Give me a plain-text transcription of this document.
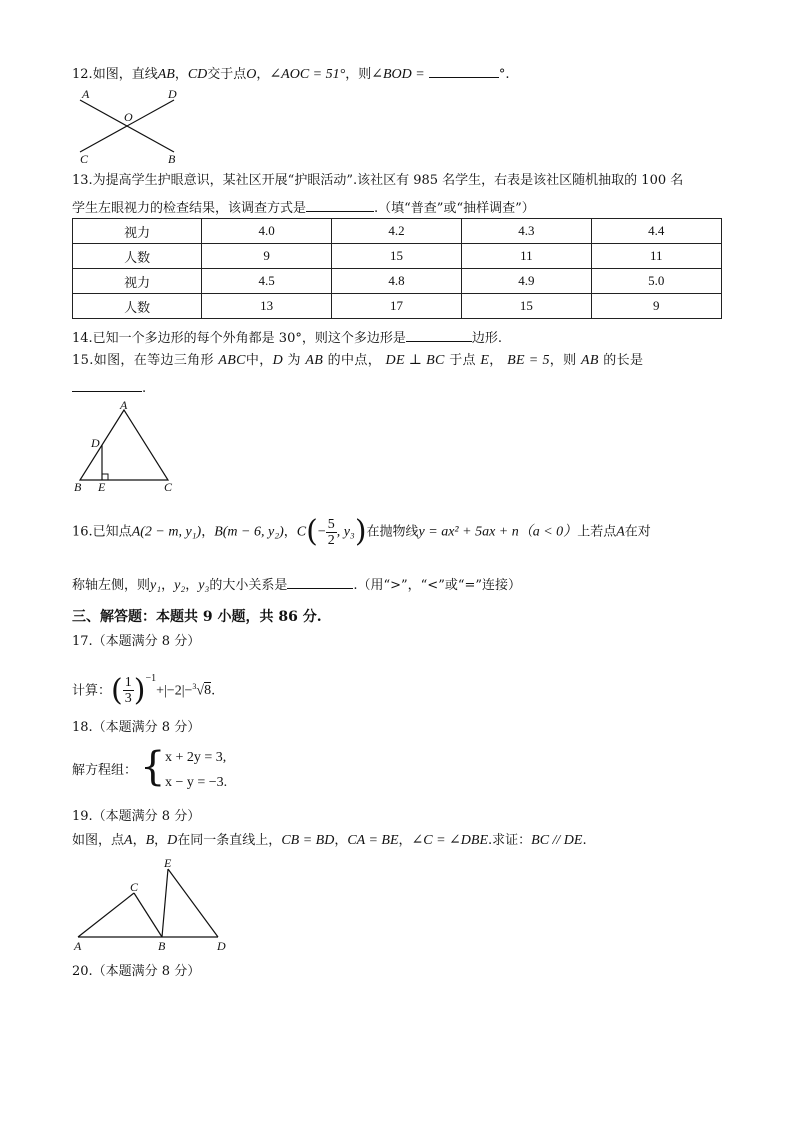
12.如图，直线AB，CD交于点O，∠AOC = 51°，则∠BOD =	°.
A	D
O
C	B
13.为提高学生护眼意识，某社区开展“护眼活动”.该社区有 985 名学生，右表是该社区随机抽取的 100 名
学生左眼视力的检查结果，该调查方式是	.（填“普查”或“抽样调查”）
视力	4.0	4.2	4.3	4.4
人数	9	15	11	11
视力	4.5	4.8	4.9	5.0
人数	13	17	15	9
14.已知一个多边形的每个外角都是 30°，则这个多边形是	边形.
15.如图，在等边三角形 ABC中，D 为 AB 的中点， DE ⊥ BC 于点 E， BE = 5，则 AB 的长是
.
A
D
B E	C
16.已知点A(2 − m, y₁)，B(m − 6, y₂)，$C(- \frac{5}{2}$ , y₃)在抛物线y = ax² + 5ax + n（a < 0）上若点A在对
称轴左侧，则y₁，y₂，y₃的大小关系是	.（用“>”，“<”或“=”连接）
三、解答题：本题共 9 小题，共 86 分.
17.（本题满分 8 分）
计算：( $\frac{1}{3} )^{-1}+|-2|-^3√8$.
18.（本题满分 8 分）
解方程组： { x + 2y = 3,
x − y = −3.
19.（本题满分 8 分）
如图，点A，B，D在同一条直线上，CB = BD，CA = BE，∠C = ∠DBE.求证：BC // DE.
E
C
A	B	D
20.（本题满分 8 分）
